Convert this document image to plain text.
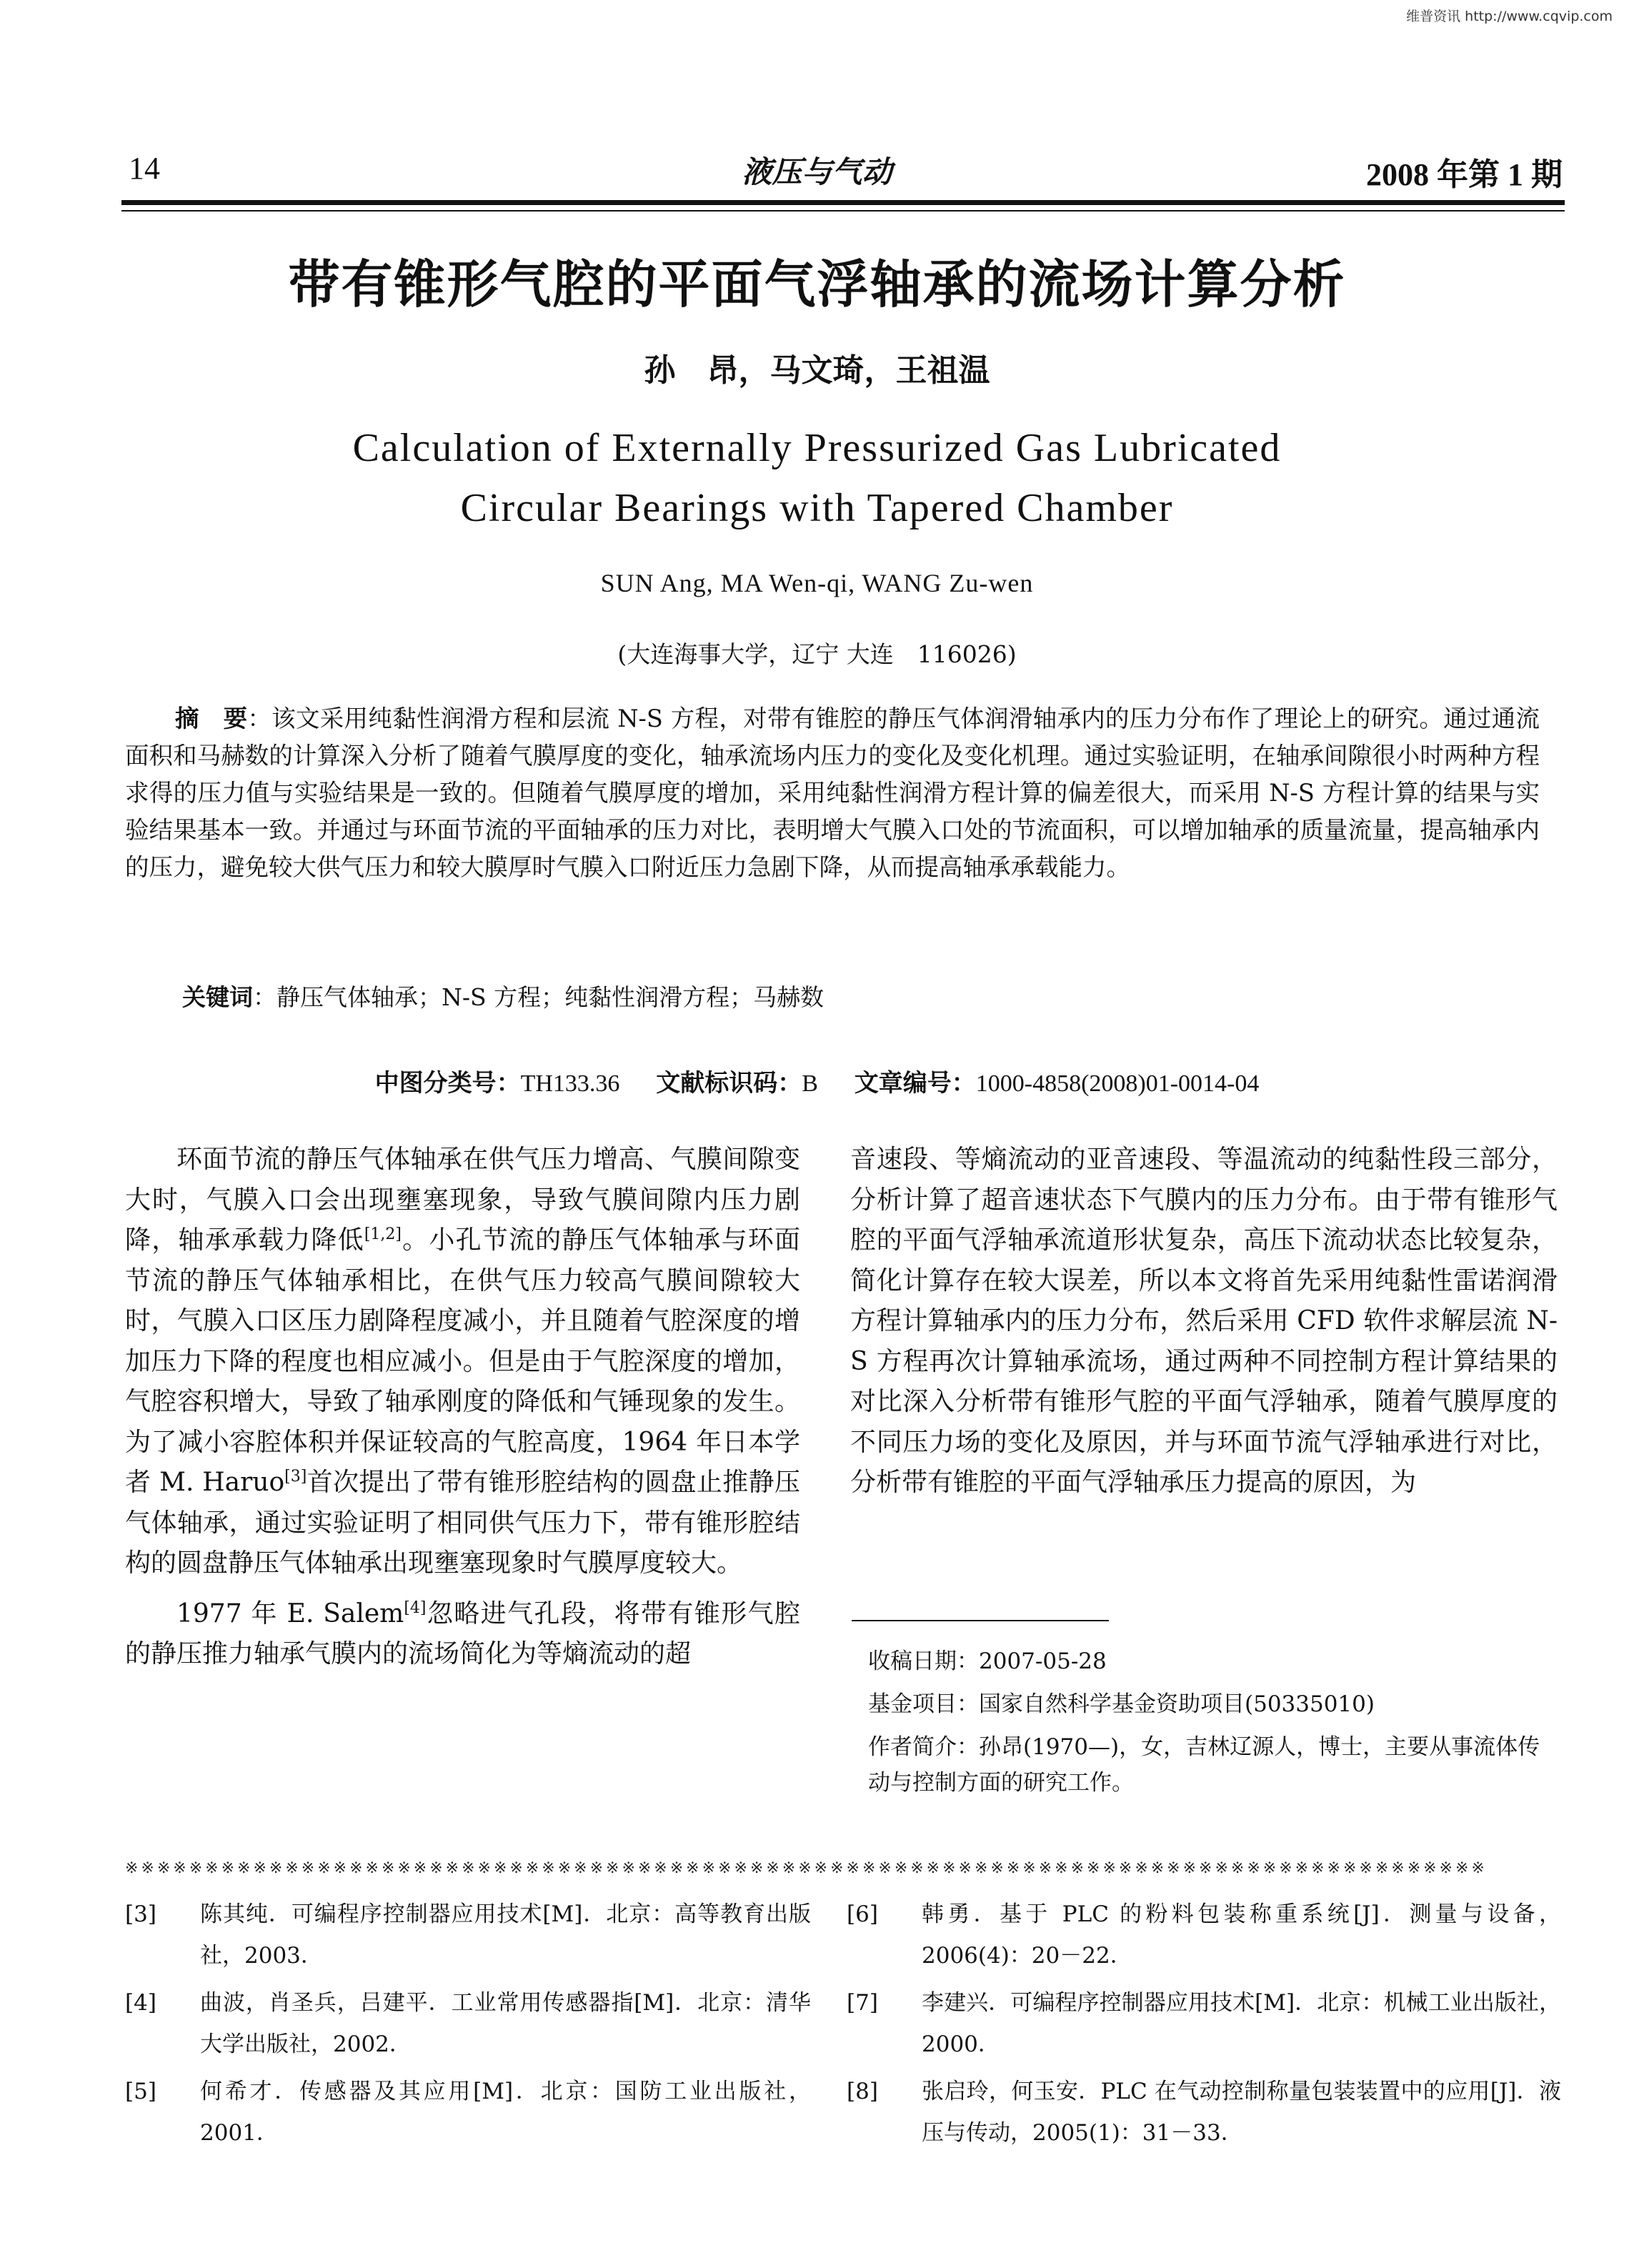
维普资讯 http://www.cqvip.com
液压与气动
14	2008 年第 1 期
带有锥形气腔的平面气浮轴承的流场计算分析
孙　昂，马文琦，王祖温
Calculation of Externally Pressurized Gas Lubricated
Circular Bearings with Tapered Chamber
SUN Ang, MA Wen-qi, WANG Zu-wen
(大连海事大学，辽宁 大连　116026)

摘　要：该文采用纯黏性润滑方程和层流 N-S 方程，对带有锥腔的静压气体润滑轴承内的压力分布作了理论上的研究。通过通流面积和马赫数的计算深入分析了随着气膜厚度的变化，轴承流场内压力的变化及变化机理。通过实验证明，在轴承间隙很小时两种方程求得的压力值与实验结果是一致的。但随着气膜厚度的增加，采用纯黏性润滑方程计算的偏差很大，而采用 N-S 方程计算的结果与实验结果基本一致。并通过与环面节流的平面轴承的压力对比，表明增大气膜入口处的节流面积，可以增加轴承的质量流量，提高轴承内的压力，避免较大供气压力和较大膜厚时气膜入口附近压力急剧下降，从而提高轴承承载能力。

关键词：静压气体轴承；N-S 方程；纯黏性润滑方程；马赫数
中图分类号：TH133.36 文献标识码：B 文章编号：1000-4858(2008)01-0014-04

环面节流的静压气体轴承在供气压力增高、气膜间隙变大时，气膜入口会出现壅塞现象，导致气膜间隙内压力剧降，轴承承载力降低[1,2]。小孔节流的静压气体轴承与环面节流的静压气体轴承相比，在供气压力较高气膜间隙较大时，气膜入口区压力剧降程度减小，并且随着气腔深度的增加压力下降的程度也相应减小。但是由于气腔深度的增加，气腔容积增大，导致了轴承刚度的降低和气锤现象的发生。为了减小容腔体积并保证较高的气腔高度，1964 年日本学者 M. Haruo[3]首次提出了带有锥形腔结构的圆盘止推静压气体轴承，通过实验证明了相同供气压力下，带有锥形腔结构的圆盘静压气体轴承出现壅塞现象时气膜厚度较大。

1977 年 E. Salem[4]忽略进气孔段，将带有锥形气腔的静压推力轴承气膜内的流场简化为等熵流动的超

音速段、等熵流动的亚音速段、等温流动的纯黏性段三部分，分析计算了超音速状态下气膜内的压力分布。由于带有锥形气腔的平面气浮轴承流道形状复杂，高压下流动状态比较复杂，简化计算存在较大误差，所以本文将首先采用纯黏性雷诺润滑方程计算轴承内的压力分布，然后采用 CFD 软件求解层流 N-S 方程再次计算轴承流场，通过两种不同控制方程计算结果的对比深入分析带有锥形气腔的平面气浮轴承，随着气膜厚度的不同压力场的变化及原因，并与环面节流气浮轴承进行对比，分析带有锥腔的平面气浮轴承压力提高的原因，为

收稿日期：2007-05-28
基金项目：国家自然科学基金资助项目(50335010)
作者简介：孙昂(1970—)，女，吉林辽源人，博士，主要从事流体传动与控制方面的研究工作。
※※※※※※※※※※※※※※※※※※※※※※※※※※※※※※※※※※※※※※※※※※※※※※※※※※※※※※※※※※※※※※※※※※※※※※※※※※※※※※※※※※※※※
[3] 陈其纯．可编程序控制器应用技术[M]．北京：高等教育出版社，2003．
[4] 曲波，肖圣兵，吕建平．工业常用传感器指[M]．北京：清华大学出版社，2002．
[5] 何希才．传感器及其应用[M]．北京：国防工业出版社，2001．
[6] 韩勇．基于 PLC 的粉料包装称重系统[J]．测量与设备，2006(4)：20－22．
[7] 李建兴．可编程序控制器应用技术[M]．北京：机械工业出版社，2000．
[8] 张启玲，何玉安．PLC 在气动控制称量包装装置中的应用[J]．液压与传动，2005(1)：31－33．
